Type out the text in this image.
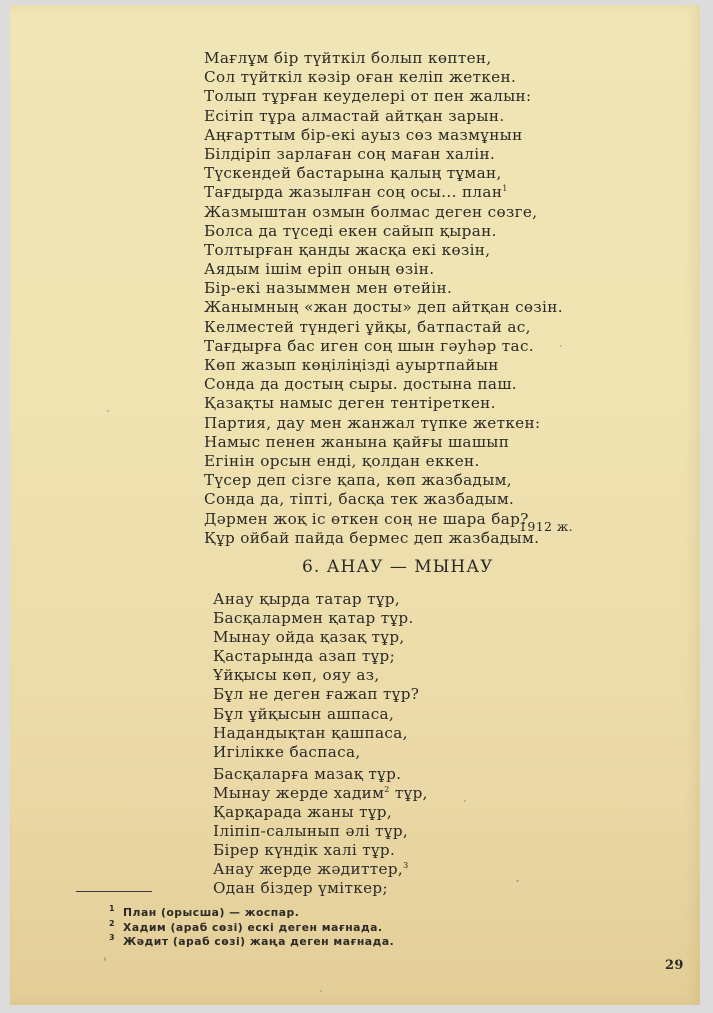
Мағлұм бір түйткіл болып көптен,
Сол түйткіл кәзір оған келіп жеткен.
Толып тұрған кеуделері от пен жалын:
Есітіп тұра алмастай айтқан зарын.
Аңғарттым бір-екі ауыз сөз мазмұнын
Білдіріп зарлаған соң маған халін.
Түскендей бастарына қалың тұман,
Тағдырда жазылған соң осы... план$^1$
Жазмыштан озмын болмас деген сөзге,
Болса да түседі екен сайып қыран.
Толтырған қанды жасқа екі көзін,
Аядым ішім еріп оның өзін.
Бір-екі назыммен мен өтейін.
Жанымның «жан досты» деп айтқан сөзін.
Келместей түндегі ұйқы, батпастай ас,
Тағдырға бас иген соң шын гәуһәр тас.
Көп жазып көңіліңізді ауыртпайын
Сонда да достың сыры. достына паш.
Қазақты намыс деген тентіреткен.
Партия, дау мен жанжал түпке жеткен:
Намыс пенен жанына қайғы шашып
Егінін орсын енді, қолдан еккен.
Түсер деп сізге қапа, көп жазбадым,
Сонда да, тіпті, басқа тек жазбадым.
Дәрмен жоқ іс өткен соң не шара бар?
Құр ойбай пайда бермес деп жазбадым.
1912 ж.
6. АНАУ — МЫНАУ
Анау қырда татар тұр,
Басқалармен қатар тұр.
Мынау ойда қазақ тұр,
Қастарында азап тұр;
Ұйқысы көп, ояу аз,
Бұл не деген ғажап тұр?
Бұл ұйқысын ашпаса,
Надандықтан қашпаса,
Игілікке баспаса,
Басқаларға мазақ тұр.
Мынау жерде хадим$^2$ тұр,
Қарқарада жаны тұр,
Іліпіп-салынып әлі тұр,
Бірер күндік халі тұр.
Анау жерде жәдиттер,$^3$
Одан біздер үміткер;
$^1$ План (орысша) — жоспар.
$^2$ Хадим (араб сөзі) ескі деген мағнада.
$^3$ Жәдит (араб сөзі) жаңа деген мағнада.
29
